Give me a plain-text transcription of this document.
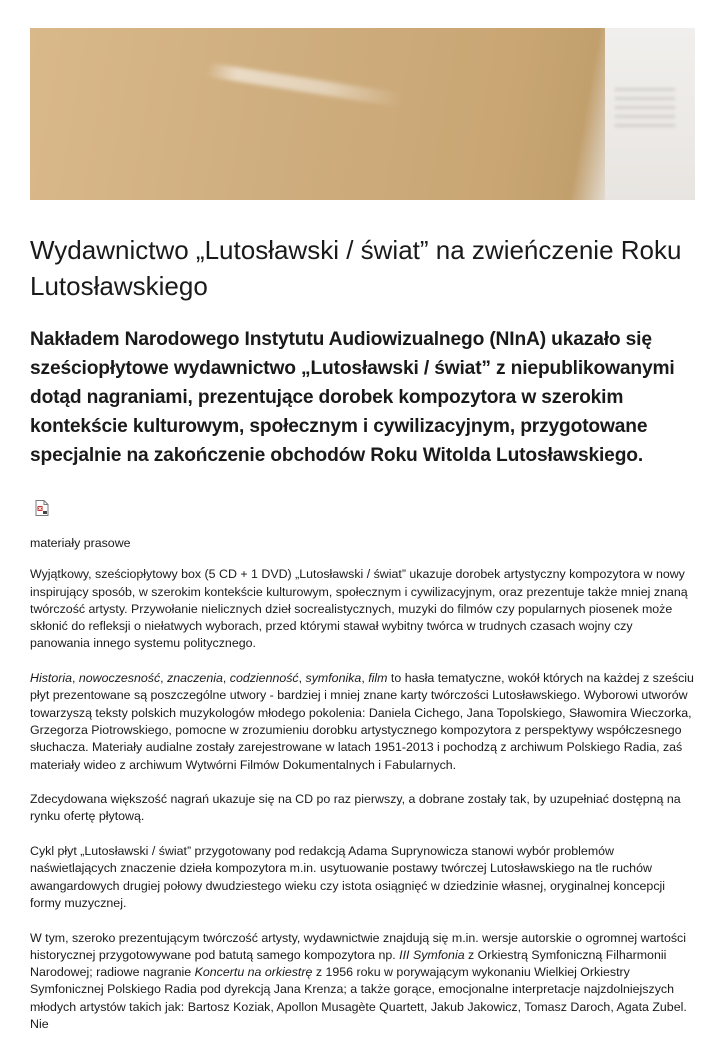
Wydawnictwo „Lutosławski / świat” na zwieńczenie Roku Lutosławskiego

Nakładem Narodowego Instytutu Audiowizualnego (NInA) ukazało się sześciopłytowe wydawnictwo „Lutosławski / świat” z niepublikowanymi dotąd nagraniami, prezentujące dorobek kompozytora w szerokim kontekście kulturowym, społecznym i cywilizacyjnym, przygotowane specjalnie na zakończenie obchodów Roku Witolda Lutosławskiego.

materiały prasowe

Wyjątkowy, sześciopłytowy box (5 CD + 1 DVD) „Lutosławski / świat” ukazuje dorobek artystyczny kompozytora w nowy inspirujący sposób, w szerokim kontekście kulturowym, społecznym i cywilizacyjnym, oraz prezentuje także mniej znaną twórczość artysty. Przywołanie nielicznych dzieł socrealistycznych, muzyki do filmów czy popularnych piosenek może skłonić do refleksji o niełatwych wyborach, przed którymi stawał wybitny twórca w trudnych czasach wojny czy panowania innego systemu politycznego.

Historia, nowoczesność, znaczenia, codzienność, symfonika, film to hasła tematyczne, wokół których na każdej z sześciu płyt prezentowane są poszczególne utwory - bardziej i mniej znane karty twórczości Lutosławskiego. Wyborowi utworów towarzyszą teksty polskich muzykologów młodego pokolenia: Daniela Cichego, Jana Topolskiego, Sławomira Wieczorka, Grzegorza Piotrowskiego, pomocne w zrozumieniu dorobku artystycznego kompozytora z perspektywy współczesnego słuchacza. Materiały audialne zostały zarejestrowane w latach 1951-2013 i pochodzą z archiwum Polskiego Radia, zaś materiały wideo z archiwum Wytwórni Filmów Dokumentalnych i Fabularnych.

Zdecydowana większość nagrań ukazuje się na CD po raz pierwszy, a dobrane zostały tak, by uzupełniać dostępną na rynku ofertę płytową.

Cykl płyt „Lutosławski / świat” przygotowany pod redakcją Adama Suprynowicza stanowi wybór problemów naświetlających znaczenie dzieła kompozytora m.in. usytuowanie postawy twórczej Lutosławskiego na tle ruchów awangardowych drugiej połowy dwudziestego wieku czy istota osiągnięć w dziedzinie własnej, oryginalnej koncepcji formy muzycznej.

W tym, szeroko prezentującym twórczość artysty, wydawnictwie znajdują się m.in. wersje autorskie o ogromnej wartości historycznej przygotowywane pod batutą samego kompozytora np. III Symfonia z Orkiestrą Symfoniczną Filharmonii Narodowej; radiowe nagranie Koncertu na orkiestrę z 1956 roku w porywającym wykonaniu Wielkiej Orkiestry Symfonicznej Polskiego Radia pod dyrekcją Jana Krenza; a także gorące, emocjonalne interpretacje najzdolniejszych młodych artystów takich jak: Bartosz Koziak, Apollon Musagète Quartett, Jakub Jakowicz, Tomasz Daroch, Agata Zubel. Nie
